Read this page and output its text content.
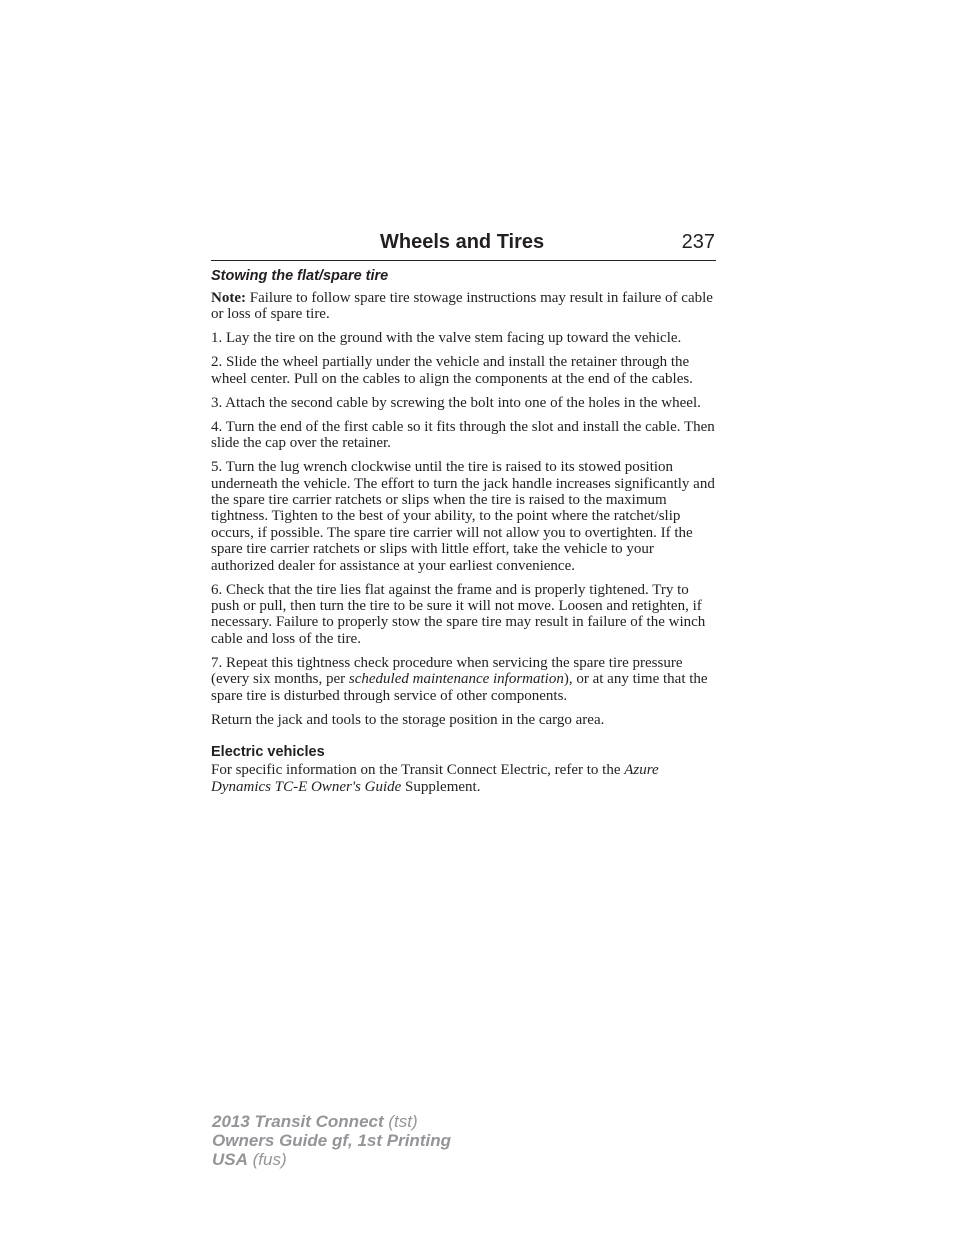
Wheels and Tires	237
Stowing the flat/spare tire

Note: Failure to follow spare tire stowage instructions may result in failure of cable or loss of spare tire.

1. Lay the tire on the ground with the valve stem facing up toward the vehicle.

2. Slide the wheel partially under the vehicle and install the retainer through the wheel center. Pull on the cables to align the components at the end of the cables.

3. Attach the second cable by screwing the bolt into one of the holes in the wheel.

4. Turn the end of the first cable so it fits through the slot and install the cable. Then slide the cap over the retainer.

5. Turn the lug wrench clockwise until the tire is raised to its stowed position underneath the vehicle. The effort to turn the jack handle increases significantly and the spare tire carrier ratchets or slips when the tire is raised to the maximum tightness. Tighten to the best of your ability, to the point where the ratchet/slip occurs, if possible. The spare tire carrier will not allow you to overtighten. If the spare tire carrier ratchets or slips with little effort, take the vehicle to your authorized dealer for assistance at your earliest convenience.

6. Check that the tire lies flat against the frame and is properly tightened. Try to push or pull, then turn the tire to be sure it will not move. Loosen and retighten, if necessary. Failure to properly stow the spare tire may result in failure of the winch cable and loss of the tire.

7. Repeat this tightness check procedure when servicing the spare tire pressure (every six months, per scheduled maintenance information), or at any time that the spare tire is disturbed through service of other components.

Return the jack and tools to the storage position in the cargo area.

Electric vehicles

For specific information on the Transit Connect Electric, refer to the Azure Dynamics TC-E Owner's Guide Supplement.

2013 Transit Connect (tst)
Owners Guide gf, 1st Printing
USA (fus)
